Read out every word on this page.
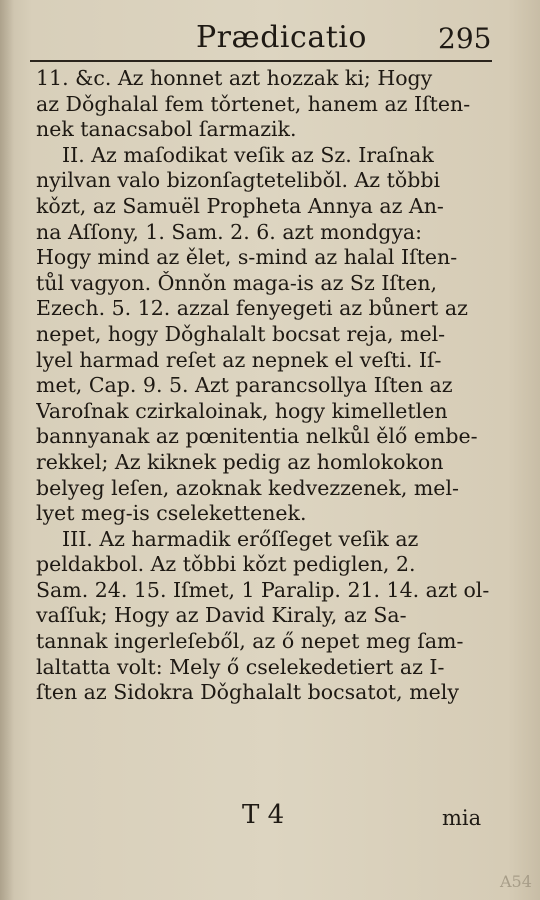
Prædicatio	295
11. &c. Az honnet azt hozzak ki; Hogy
az Dǒghalal fem tǒrtenet, hanem az Iſten-
nek tanacsabol ſarmazik.
II. Az maſodikat veſik az Sz. Iraſnak
nyilvan valo bizonſagtetelibǒl. Az tǒbbi
kǒzt, az Samuël Propheta Annya az An-
na Aſſony, 1. Sam. 2. 6. azt mondgya:
Hogy mind az ělet, s-mind az halal Iſten-
tůl vagyon. Ǒnnǒn maga-is az Sz Iſten,
Ezech. 5. 12. azzal fenyegeti az bůnert az
nepet, hogy Dǒghalalt bocsat reja, mel-
lyel harmad reſet az nepnek el veſti. Iſ-
met, Cap. 9. 5. Azt parancsollya Iſten az
Varoſnak czirkaloinak, hogy kimelletlen
bannyanak az pœnitentia nelkůl ělő embe-
rekkel; Az kiknek pedig az homlokokon
belyeg leſen, azoknak kedvezzenek, mel-
lyet meg-is cselekettenek.
III. Az harmadik erőſſeget veſik az
peldakbol. Az tǒbbi kǒzt pediglen, 2.
Sam. 24. 15. Iſmet, 1 Paralip. 21. 14. azt ol-
vaſſuk; Hogy az David Kiraly, az Sa-
tannak ingerleſeből, az ő nepet meg ſam-
laltatta volt: Mely ő cselekedetiert az I-
ſten az Sidokra Dǒghalalt bocsatot, mely
T 4	mia
A54
